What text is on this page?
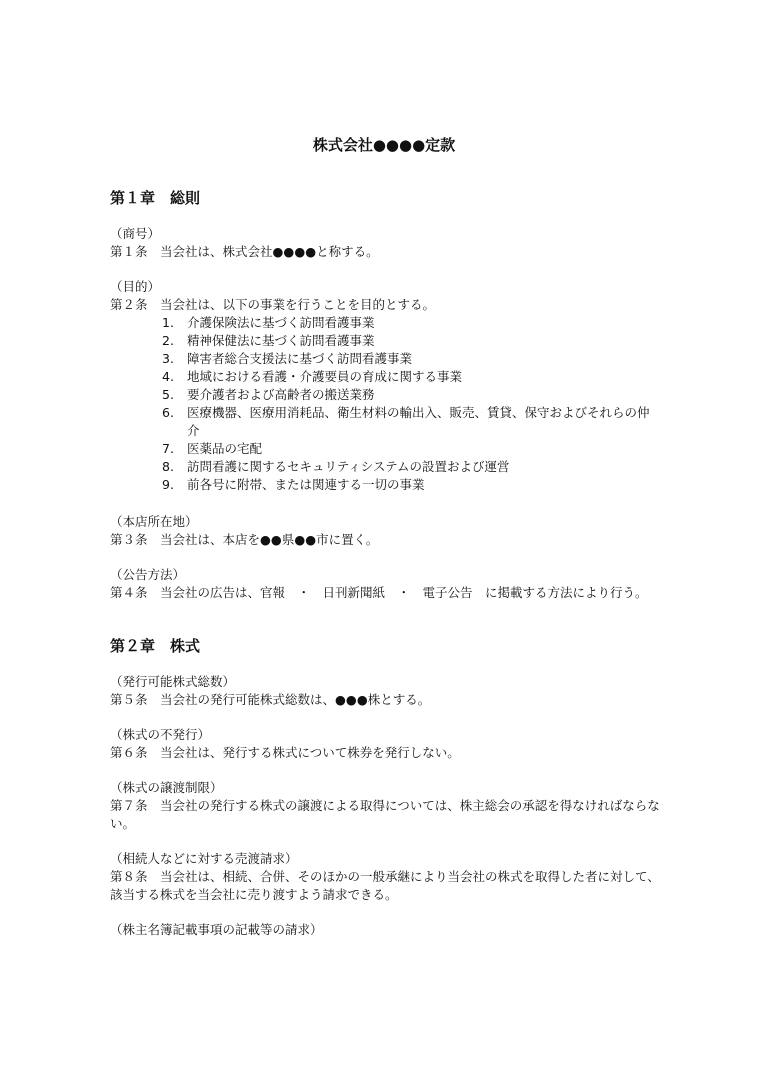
株式会社●●●●定款
第１章　総則
（商号）
第１条　当会社は、株式会社●●●●と称する。
（目的）
第２条　当会社は、以下の事業を行うことを目的とする。
1.	介護保険法に基づく訪問看護事業
2.	精神保健法に基づく訪問看護事業
3.	障害者総合支援法に基づく訪問看護事業
4.	地域における看護・介護要員の育成に関する事業
5.	要介護者および高齢者の搬送業務
6.	医療機器、医療用消耗品、衛生材料の輸出入、販売、賃貸、保守およびそれらの仲介
7.	医薬品の宅配
8.	訪問看護に関するセキュリティシステムの設置および運営
9.	前各号に附帯、または関連する一切の事業
（本店所在地）
第３条　当会社は、本店を●●県●●市に置く。
（公告方法）
第４条　当会社の広告は、官報　・　日刊新聞紙　・　電子公告　に掲載する方法により行う。
第２章　株式
（発行可能株式総数）
第５条　当会社の発行可能株式総数は、●●●株とする。
（株式の不発行）
第６条　当会社は、発行する株式について株券を発行しない。
（株式の譲渡制限）
第７条　当会社の発行する株式の譲渡による取得については、株主総会の承認を得なければならない。
（相続人などに対する売渡請求）
第８条　当会社は、相続、合併、そのほかの一般承継により当会社の株式を取得した者に対して、該当する株式を当会社に売り渡すよう請求できる。
（株主名簿記載事項の記載等の請求）
